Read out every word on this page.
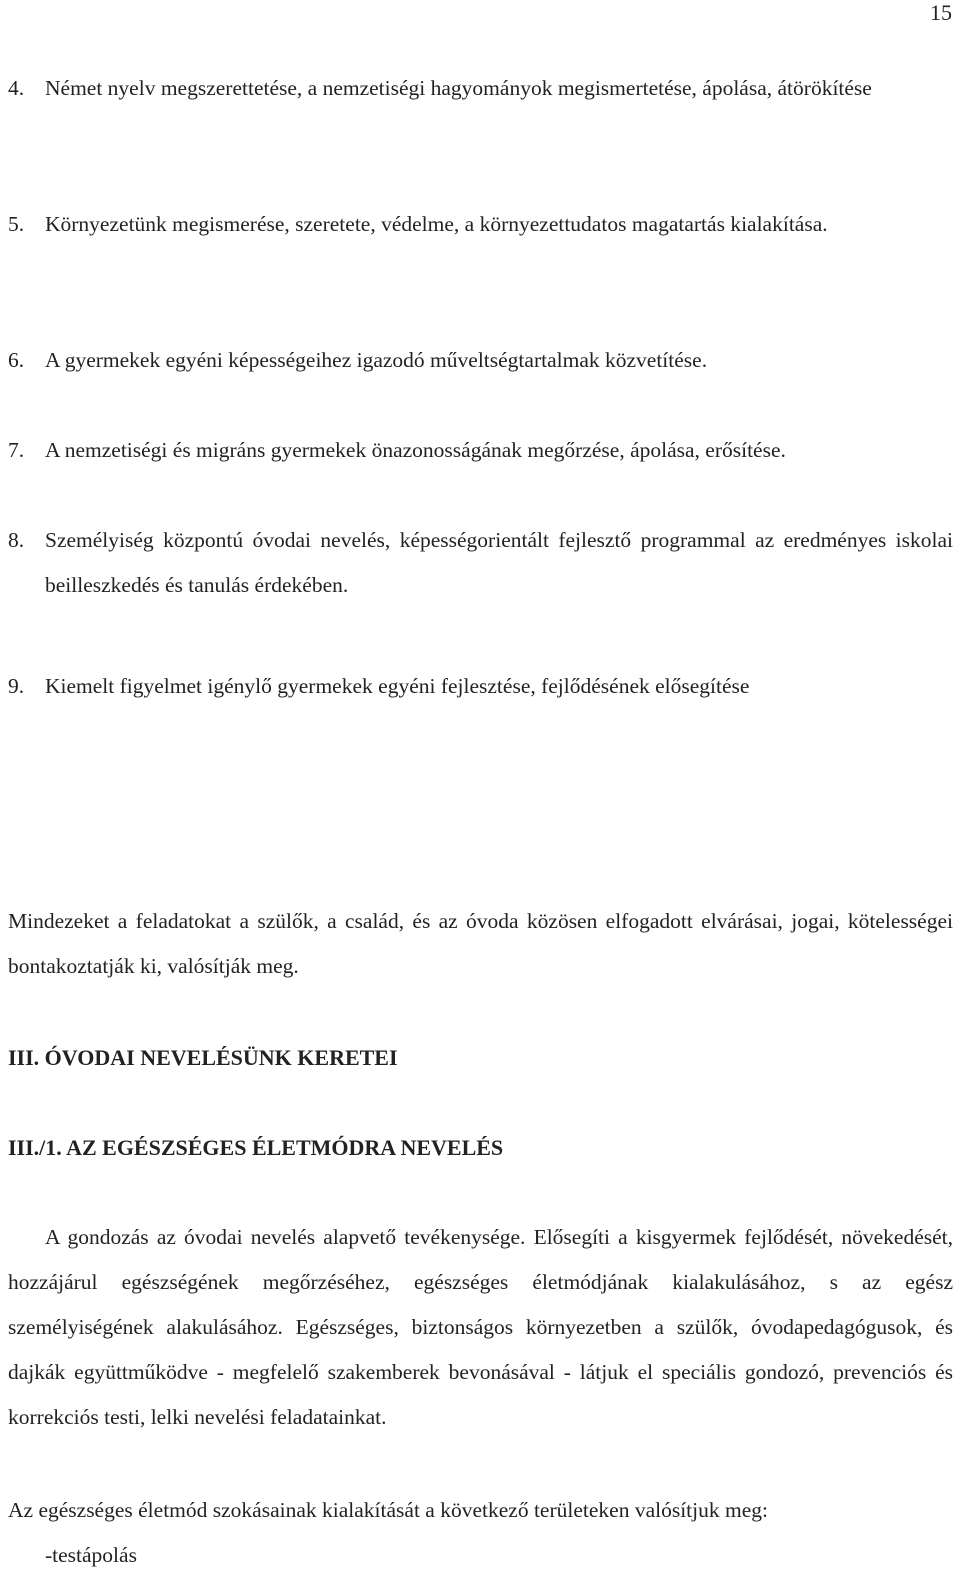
15
4. Német nyelv megszerettetése, a nemzetiségi hagyományok megismertetése, ápolása, átörökítése
5. Környezetünk megismerése, szeretete, védelme, a környezettudatos magatartás kialakítása.
6. A gyermekek egyéni képességeihez igazodó műveltségtartalmak közvetítése.
7. A nemzetiségi és migráns gyermekek önazonosságának megőrzése, ápolása, erősítése.
8. Személyiség központú óvodai nevelés, képességorientált fejlesztő programmal az eredményes iskolai beilleszkedés és tanulás érdekében.
9. Kiemelt figyelmet igénylő gyermekek egyéni fejlesztése, fejlődésének elősegítése
Mindezeket a feladatokat a szülők, a család, és az óvoda közösen elfogadott elvárásai, jogai, kötelességei bontakoztatják ki, valósítják meg.
III. ÓVODAI NEVELÉSÜNK KERETEI
III./1. AZ EGÉSZSÉGES ÉLETMÓDRA NEVELÉS
A gondozás az óvodai nevelés alapvető tevékenysége. Elősegíti a kisgyermek fejlődését, növekedését, hozzájárul egészségének megőrzéséhez, egészséges életmódjának kialakulásához, s az egész személyiségének alakulásához. Egészséges, biztonságos környezetben a szülők, óvodapedagógusok, és dajkák együttműködve - megfelelő szakemberek bevonásával - látjuk el speciális gondozó, prevenciós és korrekciós testi, lelki nevelési feladatainkat.
Az egészséges életmód szokásainak kialakítását a következő területeken valósítjuk meg:
-testápolás
